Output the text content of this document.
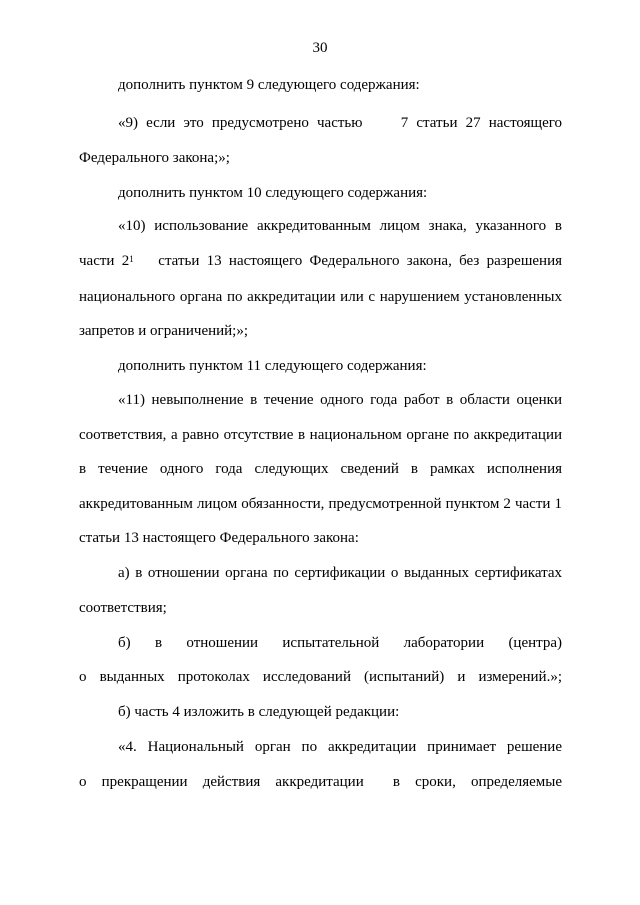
30
дополнить пунктом 9 следующего содержания:
«9) если это предусмотрено частью	7 статьи 27 настоящего
Федерального закона;»;
дополнить пунктом 10 следующего содержания:
«10) использование аккредитованным лицом знака, указанного в
части $2^1$ статьи 13 настоящего Федерального закона, без разрешения
национального органа по аккредитации или с нарушением установленных
запретов и ограничений;»;
дополнить пунктом 11 следующего содержания:
«11) невыполнение в течение одного года работ в области оценки
соответствия, а равно отсутствие в национальном органе по аккредитации
в течение одного года следующих сведений в рамках исполнения
аккредитованным лицом обязанности, предусмотренной пунктом 2 части 1
статьи 13 настоящего Федерального закона:
а) в отношении органа по сертификации о выданных сертификатах
соответствия;
б) в отношении испытательной лаборатории (центра)
о выданных протоколах исследований (испытаний) и измерений.»;
б) часть 4 изложить в следующей редакции:
«4. Национальный орган по аккредитации принимает решение
о прекращении действия аккредитации в сроки, определяемые
